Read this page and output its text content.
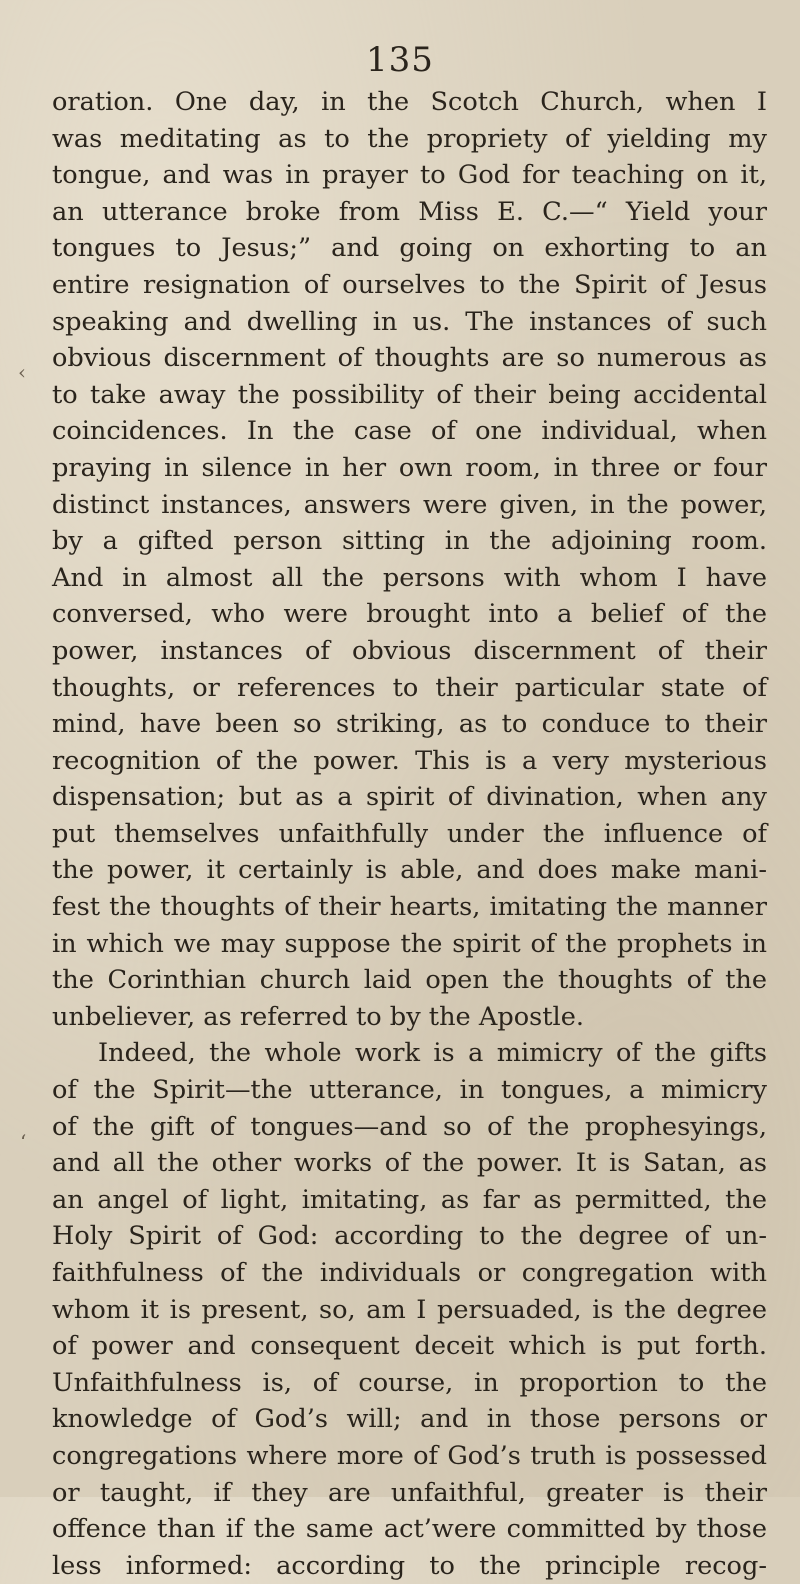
135
‹
‘
oration. One day, in the Scotch Church, when I
was meditating as to the propriety of yielding my
tongue, and was in prayer to God for teaching on it,
an utterance broke from Miss E. C.—“ Yield your
tongues to Jesus;” and going on exhorting to an
entire resignation of ourselves to the Spirit of Jesus
speaking and dwelling in us. The instances of such
obvious discernment of thoughts are so numerous as
to take away the possibility of their being accidental
coincidences. In the case of one individual, when
praying in silence in her own room, in three or four
distinct instances, answers were given, in the power,
by a gifted person sitting in the adjoining room.
And in almost all the persons with whom I have
conversed, who were brought into a belief of the
power, instances of obvious discernment of their
thoughts, or references to their particular state of
mind, have been so striking, as to conduce to their
recognition of the power. This is a very mysterious
dispensation; but as a spirit of divination, when any
put themselves unfaithfully under the influence of
the power, it certainly is able, and does make mani-
fest the thoughts of their hearts, imitating the manner
in which we may suppose the spirit of the prophets in
the Corinthian church laid open the thoughts of the
unbeliever, as referred to by the Apostle.
Indeed, the whole work is a mimicry of the gifts
of the Spirit—the utterance, in tongues, a mimicry
of the gift of tongues—and so of the prophesyings,
and all the other works of the power. It is Satan, as
an angel of light, imitating, as far as permitted, the
Holy Spirit of God: according to the degree of un-
faithfulness of the individuals or congregation with
whom it is present, so, am I persuaded, is the degree
of power and consequent deceit which is put forth.
Unfaithfulness is, of course, in proportion to the
knowledge of God’s will; and in those persons or
congregations where more of God’s truth is possessed
or taught, if they are unfaithful, greater is their
offence than if the same act’were committed by those
less informed: according to the principle recog-
